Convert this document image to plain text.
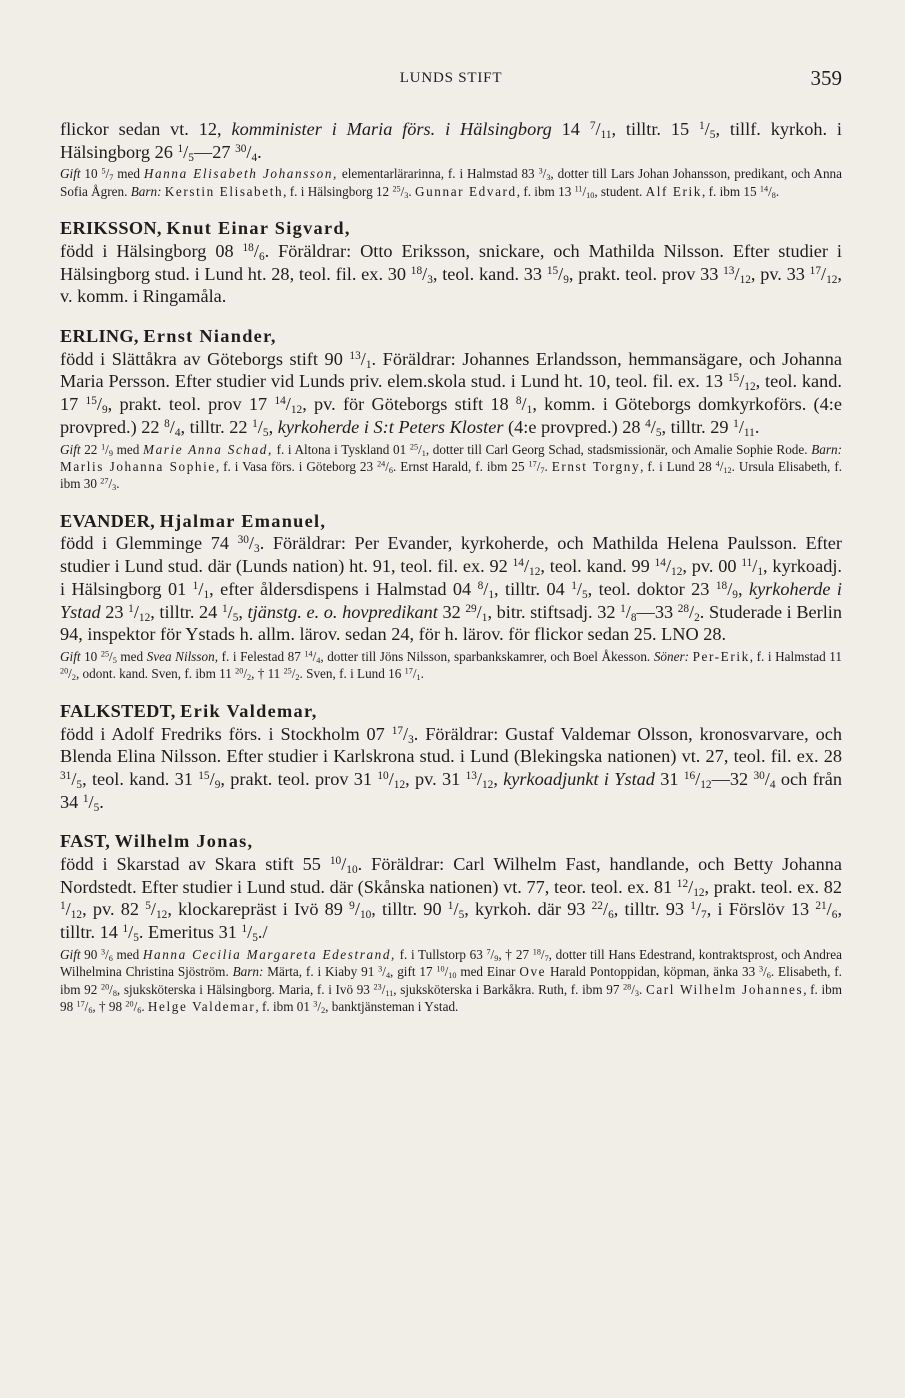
LUNDS STIFT	359
flickor sedan vt. 12, komminister i Maria förs. i Hälsingborg 14 $^7/_{11}$, tilltr. 15 $^1/_5$, tillf. kyrkoh. i Hälsingborg 26 $^1/_5—27$ $^{30}/_4$.
Gift 10 $^5/_7$ med Hanna Elisabeth Johansson, elementarlärarinna, f. i Halmstad 83 $^3/_3$, dotter till Lars Johan Johansson, predikant, och Anna Sofia Ågren. Barn: Kerstin Elisabeth, f. i Hälsingborg 12 $^{25}/_3$. Gunnar Edvard, f. ibm 13 $^{11}/_{10}$, student. Alf Erik, f. ibm 15 $^{14}/_8$.
ERIKSSON, Knut Einar Sigvard,
född i Hälsingborg 08 $^{18}/_6$. Föräldrar: Otto Eriksson, snickare, och Mathilda Nilsson. Efter studier i Hälsingborg stud. i Lund ht. 28, teol. fil. ex. 30 $^{18}/_3$, teol. kand. 33 $^{15}/_9$, prakt. teol. prov 33 $^{13}/_{12}$, pv. 33 $^{17}/_{12}$, v. komm. i Ringamåla.
ERLING, Ernst Niander,
född i Slättåkra av Göteborgs stift 90 $^{13}/_1$. Föräldrar: Johannes Erlandsson, hemmansägare, och Johanna Maria Persson. Efter studier vid Lunds priv. elem.skola stud. i Lund ht. 10, teol. fil. ex. 13 $^{15}/_{12}$, teol. kand. 17 $^{15}/_9$, prakt. teol. prov 17 $^{14}/_{12}$, pv. för Göteborgs stift 18 $^8/_1$, komm. i Göteborgs domkyrkoförs. (4:e provpred.) 22 $^8/_4$, tilltr. 22 $^1/_5$, kyrkoherde i S:t Peters Kloster (4:e provpred.) 28 $^4/_5$, tilltr. 29 $^1/_{11}$.
Gift 22 $^1/_9$ med Marie Anna Schad, f. i Altona i Tyskland 01 $^{25}/_1$, dotter till Carl Georg Schad, stadsmissionär, och Amalie Sophie Rode. Barn: Marlis Johanna Sophie, f. i Vasa förs. i Göteborg 23 $^{24}/_6$. Ernst Harald, f. ibm 25 $^{17}/_7$. Ernst Torgny, f. i Lund 28 $^4/_{12}$. Ursula Elisabeth, f. ibm 30 $^{27}/_3$.
EVANDER, Hjalmar Emanuel,
född i Glemminge 74 $^{30}/_3$. Föräldrar: Per Evander, kyrkoherde, och Mathilda Helena Paulsson. Efter studier i Lund stud. där (Lunds nation) ht. 91, teol. fil. ex. 92 $^{14}/_{12}$, teol. kand. 99 $^{14}/_{12}$, pv. 00 $^{11}/_1$, kyrkoadj. i Hälsingborg 01 $^1/_1$, efter åldersdispens i Halmstad 04 $^8/_1$, tilltr. 04 $^1/_5$, teol. doktor 23 $^{18}/_9$, kyrkoherde i Ystad 23 $^1/_{12}$, tilltr. 24 $^1/_5$, tjänstg. e. o. hovpredikant 32 $^{29}/_1$, bitr. stiftsadj. 32 $^1/_8—33$ $^{28}/_2$. Studerade i Berlin 94, inspektor för Ystads h. allm. lärov. sedan 24, för h. lärov. för flickor sedan 25. LNO 28.
Gift 10 $^{25}/_5$ med Svea Nilsson, f. i Felestad 87 $^{14}/_4$, dotter till Jöns Nilsson, sparbankskamrer, och Boel Åkesson. Söner: Per-Erik, f. i Halmstad 11 $^{20}/_2$, odont. kand. Sven, f. ibm 11 $^{20}/_2$, † 11 $^{25}/_2$. Sven, f. i Lund 16 $^{17}/_1$.
FALKSTEDT, Erik Valdemar,
född i Adolf Fredriks förs. i Stockholm 07 $^{17}/_3$. Föräldrar: Gustaf Valdemar Olsson, kronosvarvare, och Blenda Elina Nilsson. Efter studier i Karlskrona stud. i Lund (Blekingska nationen) vt. 27, teol. fil. ex. 28 $^{31}/_5$, teol. kand. 31 $^{15}/_9$, prakt. teol. prov 31 $^{10}/_{12}$, pv. 31 $^{13}/_{12}$, kyrkoadjunkt i Ystad 31 $^{16}/_{12}—32$ $^{30}/_4$ och från 34 $^1/_5$.
FAST, Wilhelm Jonas,
född i Skarstad av Skara stift 55 $^{10}/_{10}$. Föräldrar: Carl Wilhelm Fast, handlande, och Betty Johanna Nordstedt. Efter studier i Lund stud. där (Skånska nationen) vt. 77, teor. teol. ex. 81 $^{12}/_{12}$, prakt. teol. ex. 82 $^1/_{12}$, pv. 82 $^5/_{12}$, klockarepräst i Ivö 89 $^9/_{10}$, tilltr. 90 $^1/_5$, kyrkoh. där 93 $^{22}/_6$, tilltr. 93 $^1/_7$, i Förslöv 13 $^{21}/_6$, tilltr. 14 $^1/_5$. Emeritus 31 $^1/_5./$
Gift 90 $^3/_6$ med Hanna Cecilia Margareta Edestrand, f. i Tullstorp 63 $^7/_9$, † 27 $^{18}/_7$, dotter till Hans Edestrand, kontraktsprost, och Andrea Wilhelmina Christina Sjöström. Barn: Märta, f. i Kiaby 91 $^3/_4$, gift 17 $^{10}/_{10}$ med Einar Ove Harald Pontoppidan, köpman, änka 33 $^3/_6$. Elisabeth, f. ibm 92 $^{20}/_8$, sjuksköterska i Hälsingborg. Maria, f. i Ivö 93 $^{23}/_{11}$, sjuksköterska i Barkåkra. Ruth, f. ibm 97 $^{28}/_3$. Carl Wilhelm Johannes, f. ibm 98 $^{17}/_6$, † 98 $^{20}/_6$. Helge Valdemar, f. ibm 01 $^3/_2$, banktjänsteman i Ystad.
